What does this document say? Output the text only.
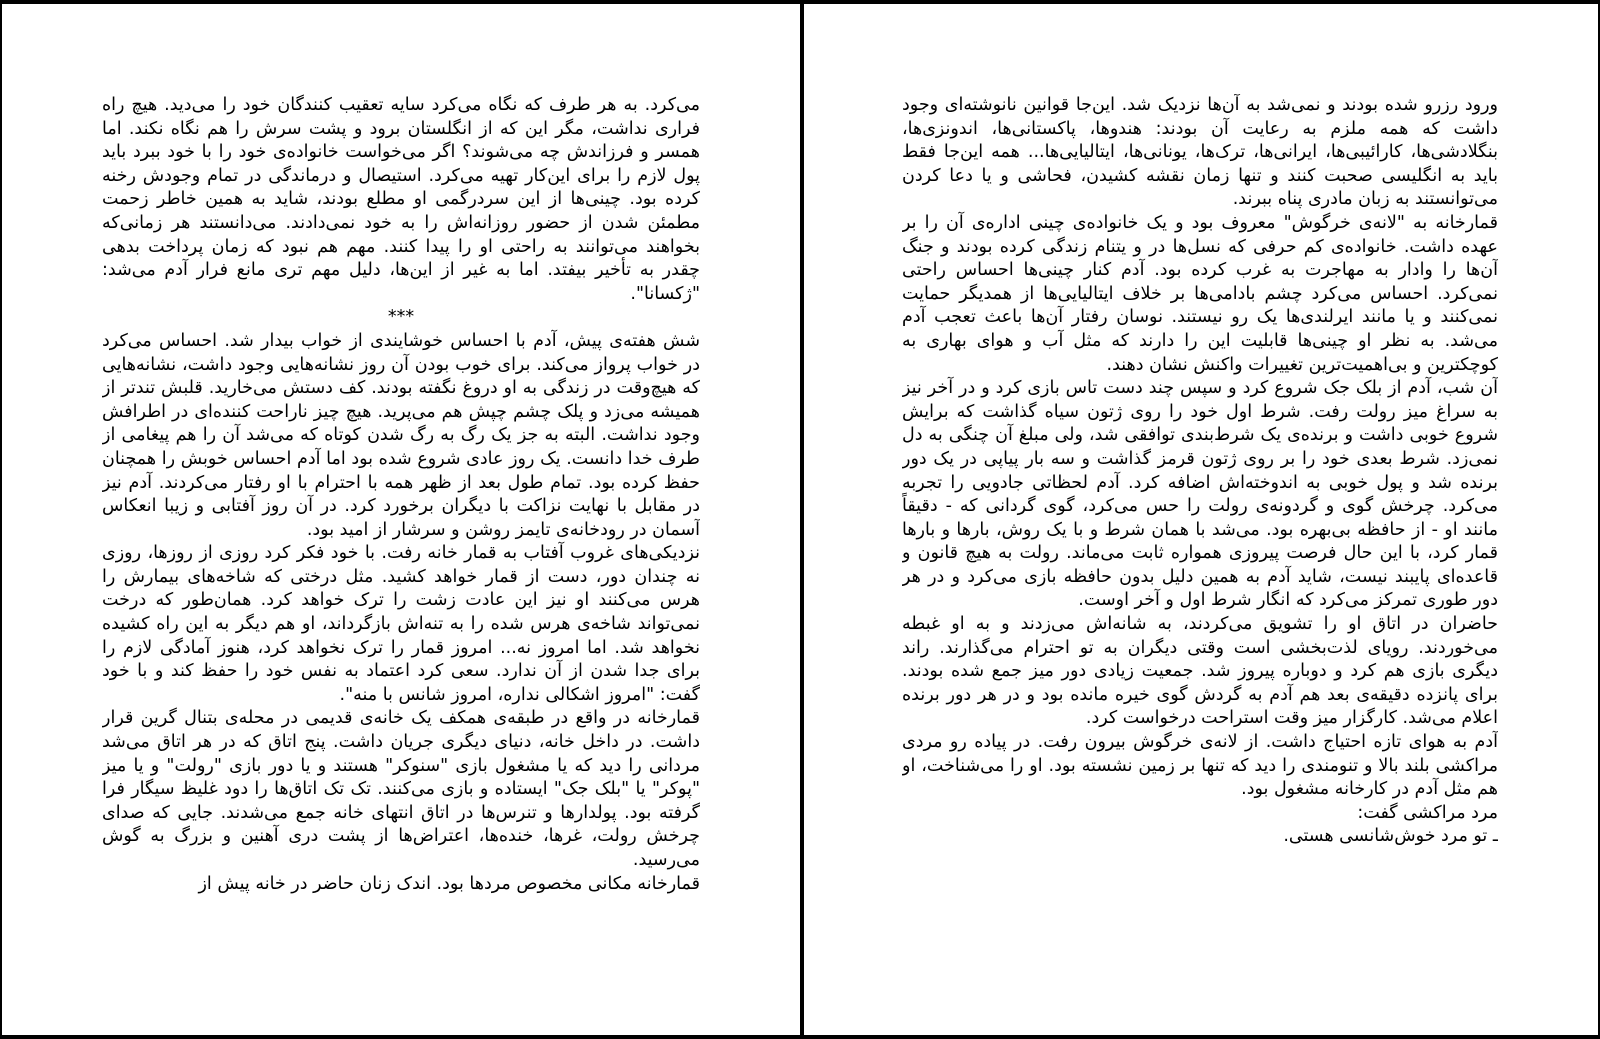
می‌کرد. به هر طرف که نگاه می‌کرد سایه تعقیب کنندگان خود را می‌دید. هیچ راه فراری نداشت، مگر این که از انگلستان برود و پشت سرش را هم نگاه نکند. اما همسر و فرزاندش چه می‌شوند؟ اگر می‌خواست خانواده‌ی خود را با خود ببرد باید پول لازم را برای این‌کار تهیه می‌کرد. استیصال و درماندگی در تمام وجودش رخنه کرده بود. چینی‌ها از این سردرگمی او مطلع بودند، شاید به همین خاطر زحمت مطمئن شدن از حضور روزانه‌اش را به خود نمی‌دادند. می‌دانستند هر زمانی‌که بخواهند می‌توانند به راحتی او را پیدا کنند. مهم هم نبود که زمان پرداخت بدهی چقدر به تأخیر بیفتد. اما به غیر از این‌ها، دلیل مهم تری مانع فرار آدم می‌شد: "ژکسانا".

***

شش هفته‌ی پیش، آدم با احساس خوشایندی از خواب بیدار شد. احساس می‌کرد در خواب پرواز می‌کند. برای خوب بودن آن روز نشانه‌هایی وجود داشت، نشانه‌هایی که هیچ‌وقت در زندگی به او دروغ نگفته بودند. کف دستش می‌خارید. قلبش تندتر از همیشه می‌زد و پلک چشم چپش هم می‌پرید. هیچ چیز ناراحت کننده‌ای در اطرافش وجود نداشت. البته به جز یک رگ به رگ شدن کوتاه که می‌شد آن را هم پیغامی از طرف خدا دانست. یک روز عادی شروع شده بود اما آدم احساس خوبش را همچنان حفظ کرده بود. تمام طول بعد از ظهر همه با احترام با او رفتار می‌کردند. آدم نیز در مقابل با نهایت نزاکت با دیگران برخورد کرد. در آن روز آفتابی و زیبا انعکاس آسمان در رودخانه‌ی تایمز روشن و سرشار از امید بود.

نزدیکی‌های غروب آفتاب به قمار خانه رفت. با خود فکر کرد روزی از روزها، روزی نه چندان دور، دست از قمار خواهد کشید. مثل درختی که شاخه‌های بیمارش را هرس می‌کنند او نیز این عادت زشت را ترک خواهد کرد. همان‌طور که درخت نمی‌تواند شاخه‌ی هرس شده را به تنه‌اش بازگرداند، او هم دیگر به این راه کشیده نخواهد شد. اما امروز نه... امروز قمار را ترک نخواهد کرد، هنوز آمادگی لازم را برای جدا شدن از آن ندارد. سعی کرد اعتماد به نفس خود را حفظ کند و با خود گفت: "امروز اشکالی نداره، امروز شانس با منه".

قمارخانه در واقع در طبقه‌ی همکف یک خانه‌ی قدیمی در محله‌ی بتنال گرین قرار داشت. در داخل خانه، دنیای دیگری جریان داشت. پنج اتاق که در هر اتاق می‌شد مردانی را دید که یا مشغول بازی "سنوکر" هستند و یا دور بازی "رولت" و یا میز "پوکر" یا "بلک جک" ایستاده و بازی می‌کنند. تک تک اتاق‌ها را دود غلیظ سیگار فرا گرفته بود. پولدارها و تنرس‌ها در اتاق انتهای خانه جمع می‌شدند. جایی که صدای چرخش رولت، غرها، خنده‌ها، اعتراض‌ها از پشت دری آهنین و بزرگ به گوش می‌رسید.

قمارخانه مکانی مخصوص مردها بود. اندک زنان حاضر در خانه پیش از

ورود رزرو شده بودند و نمی‌شد به آن‌ها نزدیک شد. این‌جا قوانین نانوشته‌ای وجود داشت که همه ملزم به رعایت آن بودند: هندوها، پاکستانی‌ها، اندونزی‌ها، بنگلادشی‌ها، کارائیبی‌ها، ایرانی‌ها، ترک‌ها، یونانی‌ها، ایتالیایی‌ها... همه این‌جا فقط باید به انگلیسی صحبت کنند و تنها زمان نقشه کشیدن، فحاشی و یا دعا کردن می‌توانستند به زبان مادری پناه ببرند.

قمارخانه به "لانه‌ی خرگوش" معروف بود و یک خانواده‌ی چینی اداره‌ی آن را بر عهده داشت. خانواده‌ی کم حرفی که نسل‌ها در و یتنام زندگی کرده بودند و جنگ آن‌ها را وادار به مهاجرت به غرب کرده بود. آدم کنار چینی‌ها احساس راحتی نمی‌کرد. احساس می‌کرد چشم بادامی‌ها بر خلاف ایتالیایی‌ها از همدیگر حمایت نمی‌کنند و یا مانند ایرلندی‌ها یک رو نیستند. نوسان رفتار آن‌ها باعث تعجب آدم می‌شد. به نظر او چینی‌ها قابلیت این را دارند که مثل آب و هوای بهاری به کوچکترین و بی‌اهمیت‌ترین تغییرات واکنش نشان دهند.

آن شب، آدم از بلک جک شروع کرد و سپس چند دست تاس بازی کرد و در آخر نیز به سراغ میز رولت رفت. شرط اول خود را روی ژتون سیاه گذاشت که برایش شروع خوبی داشت و برنده‌ی یک شرط‌بندی توافقی شد، ولی مبلغ آن چنگی به دل نمی‌زد. شرط بعدی خود را بر روی ژتون قرمز گذاشت و سه بار پیاپی در یک دور برنده شد و پول خوبی به اندوخته‌اش اضافه کرد. آدم لحظاتی جادویی را تجربه می‌کرد. چرخش گوی و گردونه‌ی رولت را حس می‌کرد، گوی گردانی که - دقیقاً مانند او - از حافظه بی‌بهره بود. می‌شد با همان شرط و با یک روش، بارها و بارها قمار کرد، با این حال فرصت پیروزی همواره ثابت می‌ماند. رولت به هیچ قانون و قاعده‌ای پایبند نیست، شاید آدم به همین دلیل بدون حافظه بازی می‌کرد و در هر دور طوری تمرکز می‌کرد که انگار شرط اول و آخر اوست.

حاضران در اتاق او را تشویق می‌کردند، به شانه‌اش می‌زدند و به او غبطه می‌خوردند. رویای لذت‌بخشی است وقتی دیگران به تو احترام می‌گذارند. راند دیگری بازی هم کرد و دوباره پیروز شد. جمعیت زیادی دور میز جمع شده بودند. برای پانزده دقیقه‌ی بعد هم آدم به گردش گوی خیره مانده بود و در هر دور برنده اعلام می‌شد. کارگزار میز وقت استراحت درخواست کرد.

آدم به هوای تازه احتیاج داشت. از لانه‌ی خرگوش بیرون رفت. در پیاده رو مردی مراکشی بلند بالا و تنومندی را دید که تنها بر زمین نشسته بود. او را می‌شناخت، او هم مثل آدم در کارخانه مشغول بود.

مرد مراکشی گفت:

ـ تو مرد خوش‌شانسی هستی.
